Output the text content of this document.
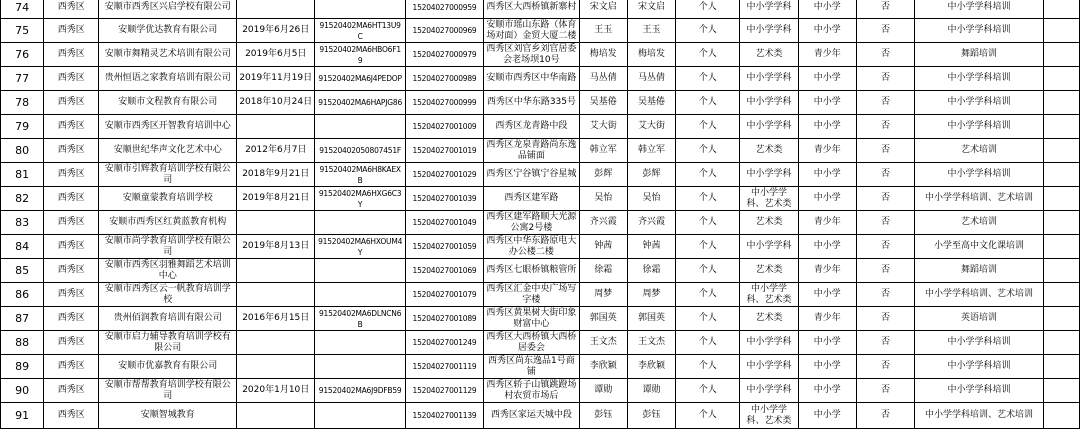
74	西秀区	安顺市西秀区兴启学校有限公司			15204027000959	西秀区大西桥镇新寨村	宋文启	宋文启	个人	中小学学科	中小学	否	中小学学科培训	
75	西秀区	安顺学优达教育有限公司	2019年6月26日	91520402MA6HT13U9C	15204027000969	安顺市瑶山东路（体育场对面）金贸大厦二楼	王玉	王玉	个人	中小学学科	中小学	否	中小学学科培训	
76	西秀区	安顺市舞精灵艺术培训有限公司	2019年6月5日	91520402MA6HBO6F19	15204027000979	西秀区刘官乡刘官居委会老场坝10号	梅培发	梅培发	个人	艺术类	青少年	否	舞蹈培训	
77	西秀区	贵州恒语之家教育培训有限公司	2019年11月19日	91520402MA6J4PEDOP	15204027000989	安顺市西秀区中华南路	马丛倩	马丛倩	个人	中小学学科	中小学	否	中小学学科培训	
78	西秀区	安顺市文程教育有限公司	2018年10月24日	91520402MA6HAPJG86	15204027000999	西秀区中华东路335号	吴基倦	吴基倦	个人	中小学学科	中小学	否	中小学学科培训	
79	西秀区	安顺市西秀区开智教育培训中心			15204027001009	西秀区龙青路中段	艾大街	艾大街	个人	中小学学科	中小学	否	中小学学科培训	
80	西秀区	安顺世纪华声文化艺术中心	2012年6月7日	91520402050807451F	15204027001019	西秀区龙泉青路尚东逸品铺面	韩立军	韩立军	个人	艺术类	青少年	否	艺术培训	
81	西秀区	安顺市引辉教育培训学校有限公司	2018年9月21日	91520402MA6H8KAEXB	15204027001029	西秀区宁谷镇宁谷星城	彭辉	彭辉	个人	中小学学科	中小学	否	中小学学科培训	
82	西秀区	安顺童蒙教育培训学校	2019年8月21日	91520402MA6HXG6C3Y	15204027001039	西秀区建军路	吴怡	吴怡	个人	中小学学科、艺术类	中小学	否	中小学学科培训、艺术培训	
83	西秀区	安顺市西秀区红黄蓝教育机构			15204027001049	西秀区建军路顺大光源公寓2号楼	齐兴霞	齐兴霞	个人	艺术类	青少年	否	艺术培训	
84	西秀区	安顺市尚学教育培训学校有限公司	2019年8月13日	91520402MA6HXOUM4Y	15204027001059	西秀区中华东路原电大办公楼二楼	钟茜	钟茜	个人	中小学学科	中小学	否	小学至高中文化课培训	
85	西秀区	安顺市西秀区羽雅舞蹈艺术培训中心			15204027001069	西秀区七眼桥镇粮管所	徐霜	徐霜	个人	艺术类	青少年	否	舞蹈培训	
86	西秀区	安顺市西秀区云一帆教育培训学校			15204027001079	西秀区汇金中央广场写字楼	周梦	周梦	个人	中小学学科、艺术类	中小学	否	中小学学科培训、艺术培训	
87	西秀区	贵州佰润教育培训有限公司	2016年6月15日	91520402MA6DLNCN6B	15204027001089	西秀区黄果树大街印象财富中心	郭国英	郭国英	个人	艺术类	青少年	否	英语培训	
88	西秀区	安顺市启力辅导教育培训学校有限公司			15204027001249	西秀区大西桥镇大西桥居委会	王文杰	王文杰	个人	中小学学科	中小学	否	中小学学科培训	
89	西秀区	安顺市优嘉教育有限公司			15204027001119	西秀区尚东逸品1号商铺	李欣颖	李欣颖	个人	中小学学科	中小学	否	中小学学科培训	
90	西秀区	安顺市帮帮教育培训学校有限公司	2020年1月10日	91520402MA6J9DFB59	15204027001129	西秀区轿子山镇跳蹬场村农贸市场后	谭勋	谭勋	个人	中小学学科	中小学	否	中小学学科培训	
91	西秀区	安顺智城教育			15204027001139	西秀区家运天城中段	彭钰	彭钰	个人	中小学学科、艺术类	中小学	否	中小学学科培训、艺术培训	
